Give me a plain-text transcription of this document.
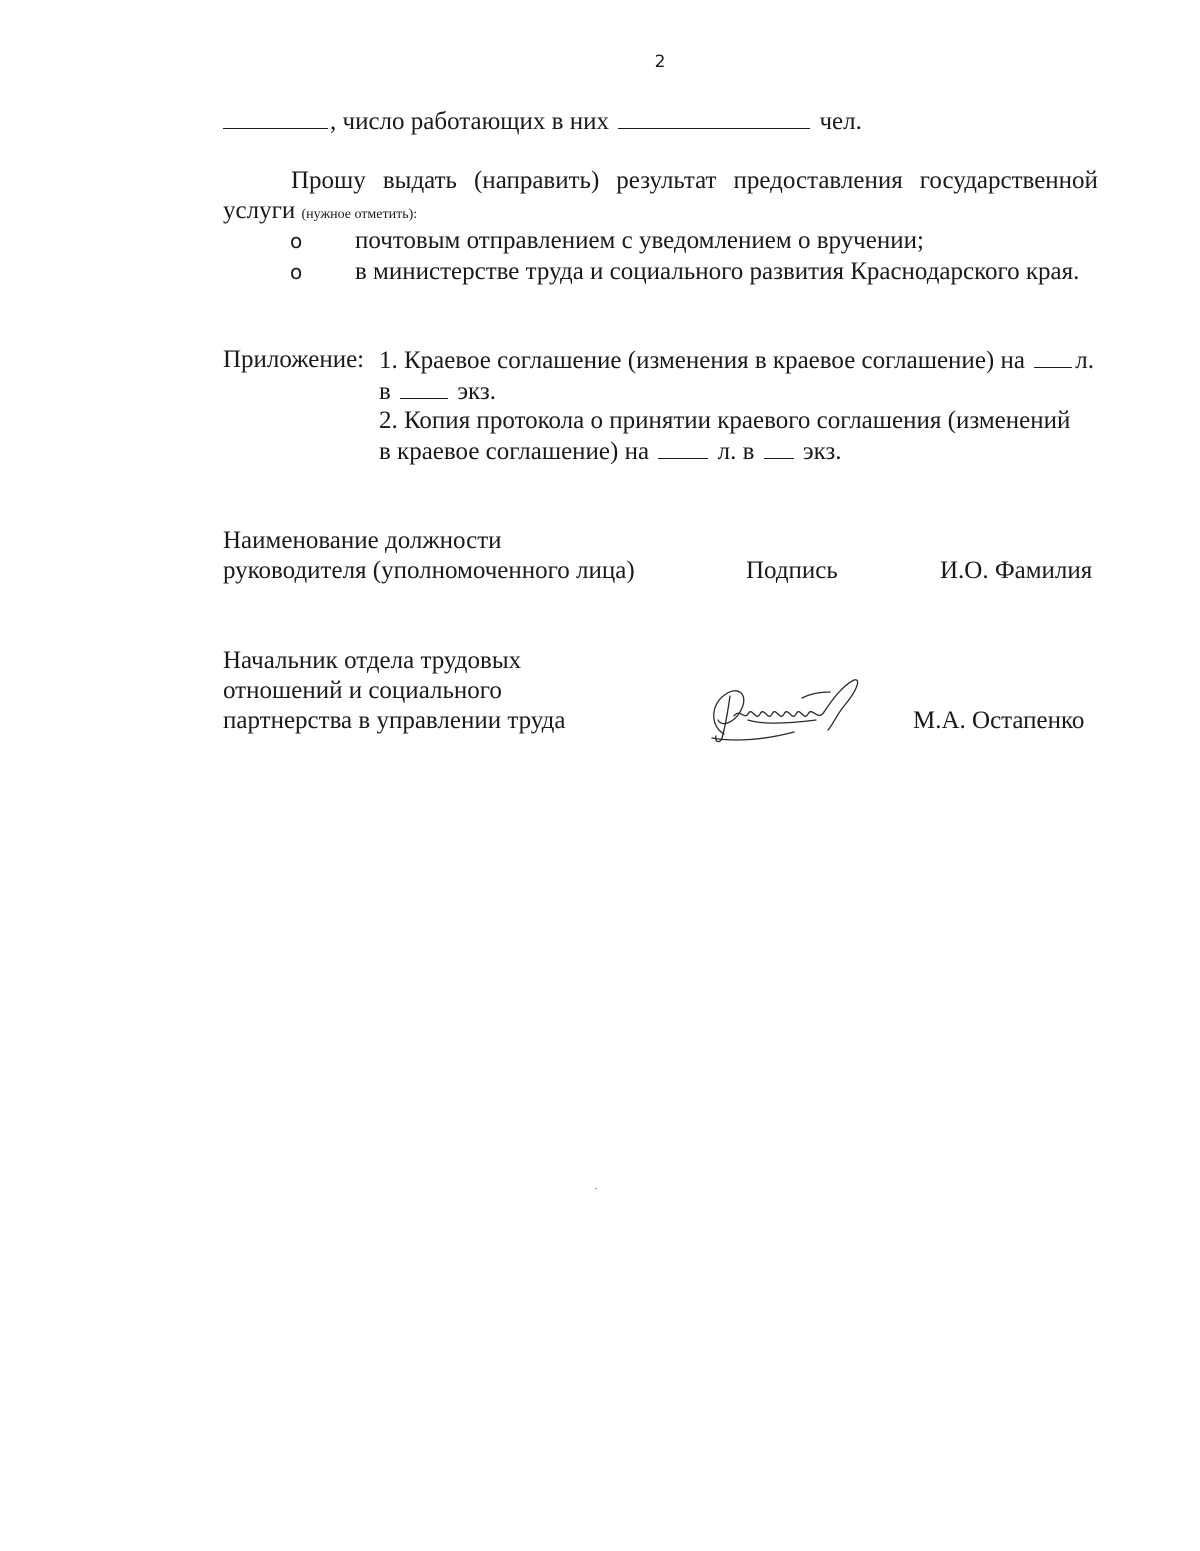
2
, число работающих в них	чел.
Прошу выдать (направить) результат предоставления государственной
услуги (нужное отметить):
o почтовым отправлением с уведомлением о вручении;
o в министерстве труда и социального развития Краснодарского края.
Приложение: 1. Краевое соглашение (изменения в краевое соглашение) на л.
в	экз.
2. Копия протокола о принятии краевого соглашения (изменений
в краевое соглашение) на	л. в экз.
Наименование должности
руководителя (уполномоченного лица)	Подпись	И.О. Фамилия
Начальник отдела трудовых
отношений и социального
партнерства в управлении труда	М.А. Остапенко
